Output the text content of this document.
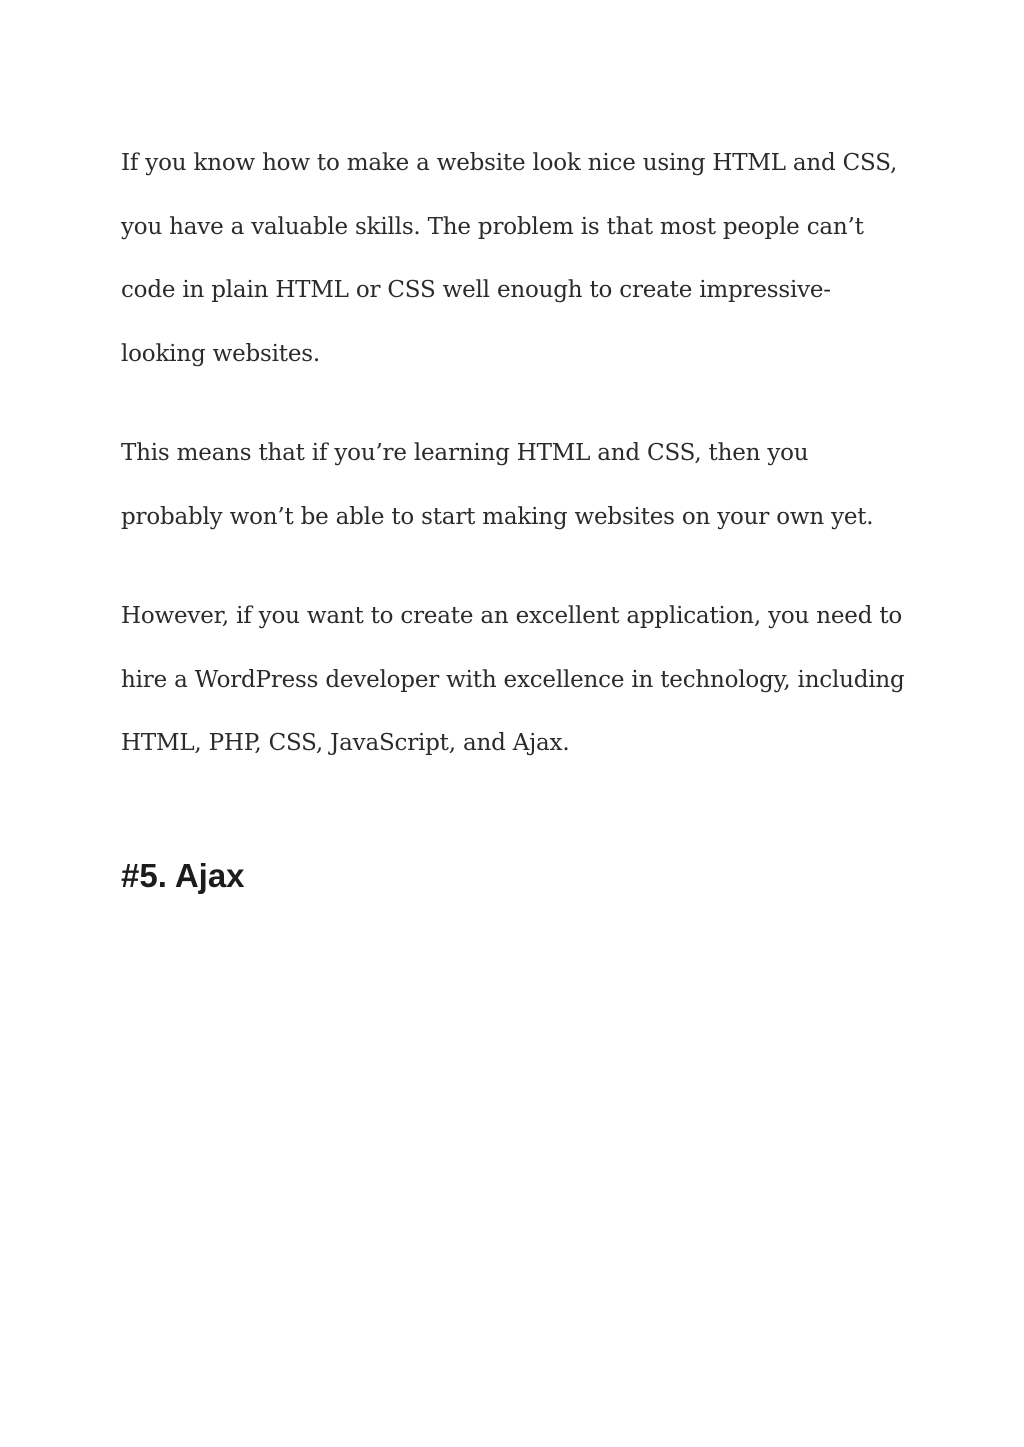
If you know how to make a website look nice using HTML and CSS,
you have a valuable skills. The problem is that most people can’t
code in plain HTML or CSS well enough to create impressive-
looking websites.

This means that if you’re learning HTML and CSS, then you
probably won’t be able to start making websites on your own yet.

However, if you want to create an excellent application, you need to
hire a WordPress developer with excellence in technology, including
HTML, PHP, CSS, JavaScript, and Ajax.

#5. Ajax
